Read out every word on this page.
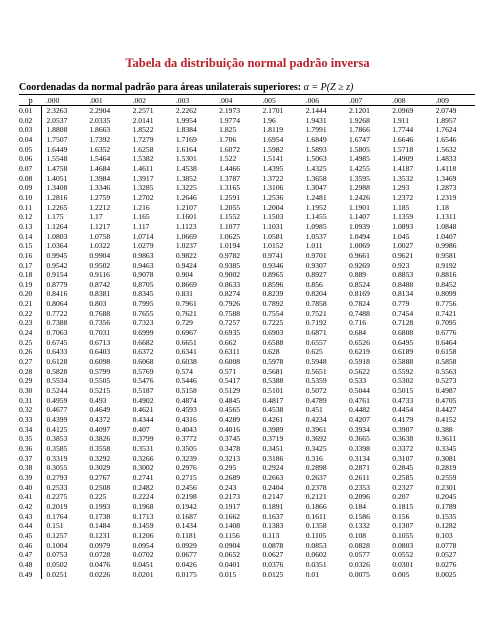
Tabela da distribuição normal padrão inversa
Coordenadas da normal padrão para áreas unilaterais superiores: α = P(Z ≥ z)
p	.000	.001	.002	.003	.004	.005	.006	.007	.008	.009
0.01	2.3263	2.2904	2.2571	2.2262	2.1973	2.1701	2.1444	2.1201	2.0969	2.0749
0.02	2.0537	2.0335	2.0141	1.9954	1.9774	1.96	1.9431	1.9268	1.911	1.8957
0.03	1.8808	1.8663	1.8522	1.8384	1.825	1.8119	1.7991	1.7866	1.7744	1.7624
0.04	1.7507	1.7392	1.7279	1.7169	1.706	1.6954	1.6849	1.6747	1.6646	1.6546
0.05	1.6449	1.6352	1.6258	1.6164	1.6072	1.5982	1.5893	1.5805	1.5718	1.5632
0.06	1.5548	1.5464	1.5382	1.5301	1.522	1.5141	1.5063	1.4985	1.4909	1.4833
0.07	1.4758	1.4684	1.4611	1.4538	1.4466	1.4395	1.4325	1.4255	1.4187	1.4118
0.08	1.4051	1.3984	1.3917	1.3852	1.3787	1.3722	1.3658	1.3595	1.3532	1.3469
0.09	1.3408	1.3346	1.3285	1.3225	1.3165	1.3106	1.3047	1.2988	1.293	1.2873
0.10	1.2816	1.2759	1.2702	1.2646	1.2591	1.2536	1.2481	1.2426	1.2372	1.2319
0.11	1.2265	1.2212	1.216	1.2107	1.2055	1.2004	1.1952	1.1901	1.185	1.18
0.12	1.175	1.17	1.165	1.1601	1.1552	1.1503	1.1455	1.1407	1.1359	1.1311
0.13	1.1264	1.1217	1.117	1.1123	1.1077	1.1031	1.0985	1.0939	1.0893	1.0848
0.14	1.0803	1.0758	1.0714	1.0669	1.0625	1.0581	1.0537	1.0494	1.045	1.0407
0.15	1.0364	1.0322	1.0279	1.0237	1.0194	1.0152	1.011	1.0069	1.0027	0.9986
0.16	0.9945	0.9904	0.9863	0.9822	0.9782	0.9741	0.9701	0.9661	0.9621	0.9581
0.17	0.9542	0.9502	0.9463	0.9424	0.9385	0.9346	0.9307	0.9269	0.923	0.9192
0.18	0.9154	0.9116	0.9078	0.904	0.9002	0.8965	0.8927	0.889	0.8853	0.8816
0.19	0.8779	0.8742	0.8705	0.8669	0.8633	0.8596	0.856	0.8524	0.8488	0.8452
0.20	0.8416	0.8381	0.8345	0.831	0.8274	0.8239	0.8204	0.8169	0.8134	0.8099
0.21	0.8064	0.803	0.7995	0.7961	0.7926	0.7892	0.7858	0.7824	0.779	0.7756
0.22	0.7722	0.7688	0.7655	0.7621	0.7588	0.7554	0.7521	0.7488	0.7454	0.7421
0.23	0.7388	0.7356	0.7323	0.729	0.7257	0.7225	0.7192	0.716	0.7128	0.7095
0.24	0.7063	0.7031	0.6999	0.6967	0.6935	0.6903	0.6871	0.684	0.6808	0.6776
0.25	0.6745	0.6713	0.6682	0.6651	0.662	0.6588	0.6557	0.6526	0.6495	0.6464
0.26	0.6433	0.6403	0.6372	0.6341	0.6311	0.628	0.625	0.6219	0.6189	0.6158
0.27	0.6128	0.6098	0.6068	0.6038	0.6008	0.5978	0.5948	0.5918	0.5888	0.5858
0.28	0.5828	0.5799	0.5769	0.574	0.571	0.5681	0.5651	0.5622	0.5592	0.5563
0.29	0.5534	0.5505	0.5476	0.5446	0.5417	0.5388	0.5359	0.533	0.5302	0.5273
0.30	0.5244	0.5215	0.5187	0.5158	0.5129	0.5101	0.5072	0.5044	0.5015	0.4987
0.31	0.4959	0.493	0.4902	0.4874	0.4845	0.4817	0.4789	0.4761	0.4733	0.4705
0.32	0.4677	0.4649	0.4621	0.4593	0.4565	0.4538	0.451	0.4482	0.4454	0.4427
0.33	0.4399	0.4372	0.4344	0.4316	0.4289	0.4261	0.4234	0.4207	0.4179	0.4152
0.34	0.4125	0.4097	0.407	0.4043	0.4016	0.3989	0.3961	0.3934	0.3907	0.388
0.35	0.3853	0.3826	0.3799	0.3772	0.3745	0.3719	0.3692	0.3665	0.3638	0.3611
0.36	0.3585	0.3558	0.3531	0.3505	0.3478	0.3451	0.3425	0.3398	0.3372	0.3345
0.37	0.3319	0.3292	0.3266	0.3239	0.3213	0.3186	0.316	0.3134	0.3107	0.3081
0.38	0.3055	0.3029	0.3002	0.2976	0.295	0.2924	0.2898	0.2871	0.2845	0.2819
0.39	0.2793	0.2767	0.2741	0.2715	0.2689	0.2663	0.2637	0.2611	0.2585	0.2559
0.40	0.2533	0.2508	0.2482	0.2456	0.243	0.2404	0.2378	0.2353	0.2327	0.2301
0.41	0.2275	0.225	0.2224	0.2198	0.2173	0.2147	0.2121	0.2096	0.207	0.2045
0.42	0.2019	0.1993	0.1968	0.1942	0.1917	0.1891	0.1866	0.184	0.1815	0.1789
0.43	0.1764	0.1738	0.1713	0.1687	0.1662	0.1637	0.1611	0.1586	0.156	0.1535
0.44	0.151	0.1484	0.1459	0.1434	0.1408	0.1383	0.1358	0.1332	0.1307	0.1282
0.45	0.1257	0.1231	0.1206	0.1181	0.1156	0.113	0.1105	0.108	0.1055	0.103
0.46	0.1004	0.0979	0.0954	0.0929	0.0904	0.0878	0.0853	0.0828	0.0803	0.0778
0.47	0.0753	0.0728	0.0702	0.0677	0.0652	0.0627	0.0602	0.0577	0.0552	0.0527
0.48	0.0502	0.0476	0.0451	0.0426	0.0401	0.0376	0.0351	0.0326	0.0301	0.0276
0.49	0.0251	0.0226	0.0201	0.0175	0.015	0.0125	0.01	0.0075	0.005	0.0025
